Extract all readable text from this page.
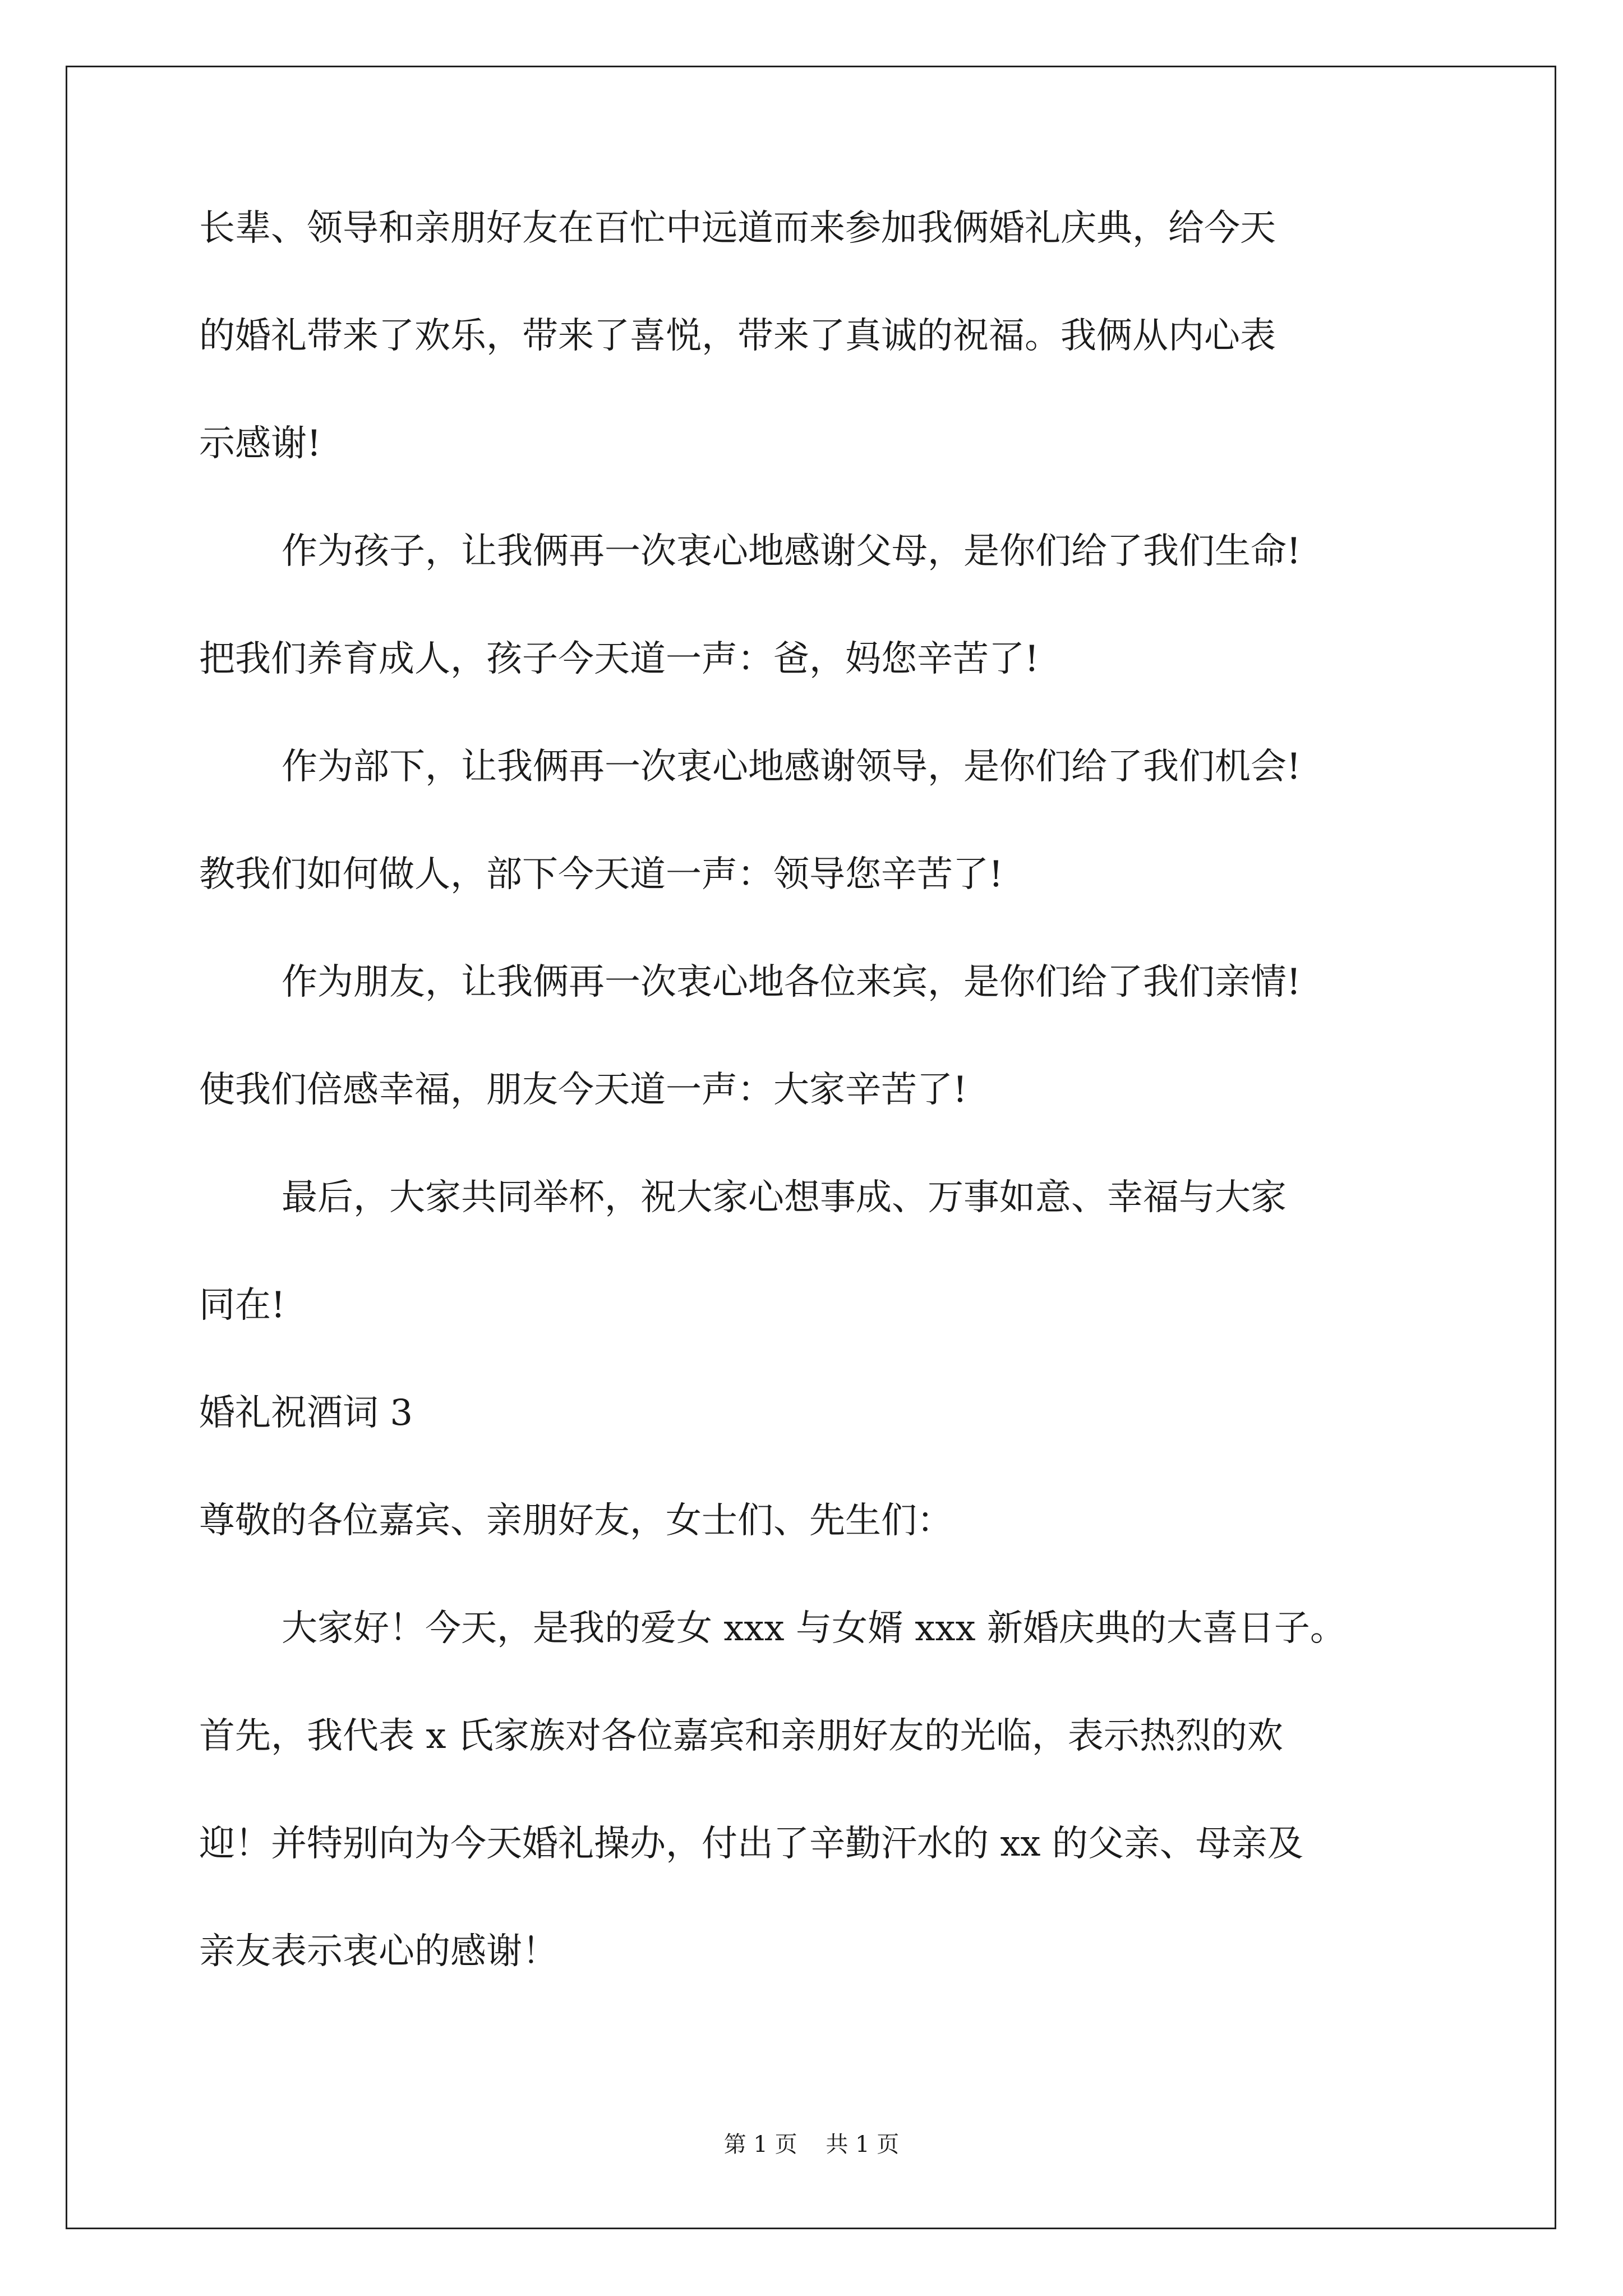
长辈、领导和亲朋好友在百忙中远道而来参加我俩婚礼庆典，给今天
的婚礼带来了欢乐，带来了喜悦，带来了真诚的祝福。我俩从内心表
示感谢!
作为孩子，让我俩再一次衷心地感谢父母，是你们给了我们生命!
把我们养育成人，孩子今天道一声：爸，妈您辛苦了!
作为部下，让我俩再一次衷心地感谢领导，是你们给了我们机会!
教我们如何做人，部下今天道一声：领导您辛苦了!
作为朋友，让我俩再一次衷心地各位来宾，是你们给了我们亲情!
使我们倍感幸福，朋友今天道一声：大家辛苦了!
最后，大家共同举杯，祝大家心想事成、万事如意、幸福与大家
同在!
婚礼祝酒词 3
尊敬的各位嘉宾、亲朋好友，女士们、先生们：
大家好！今天，是我的爱女 xxx 与女婿 xxx 新婚庆典的大喜日子。
首先，我代表 x 氏家族对各位嘉宾和亲朋好友的光临，表示热烈的欢
迎！并特别向为今天婚礼操办，付出了辛勤汗水的 xx 的父亲、母亲及
亲友表示衷心的感谢！
第 1 页    共 1 页
